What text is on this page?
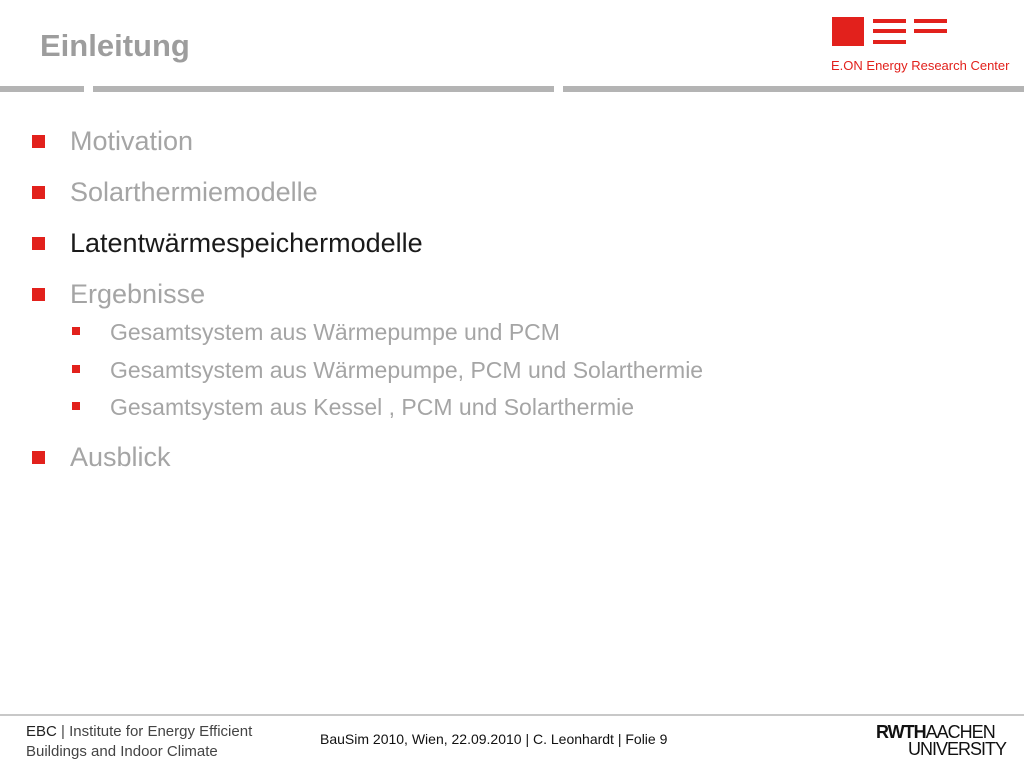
Einleitung
E.ON Energy Research Center
Motivation
Solarthermiemodelle
Latentwärmespeichermodelle
Ergebnisse
Gesamtsystem aus Wärmepumpe und PCM
Gesamtsystem aus Wärmepumpe, PCM und Solarthermie
Gesamtsystem aus Kessel , PCM und Solarthermie
Ausblick
EBC | Institute for Energy Efficient
Buildings and Indoor Climate
BauSim 2010, Wien, 22.09.2010 | C. Leonhardt | Folie 9	RWTHAACHEN
UNIVERSITY
